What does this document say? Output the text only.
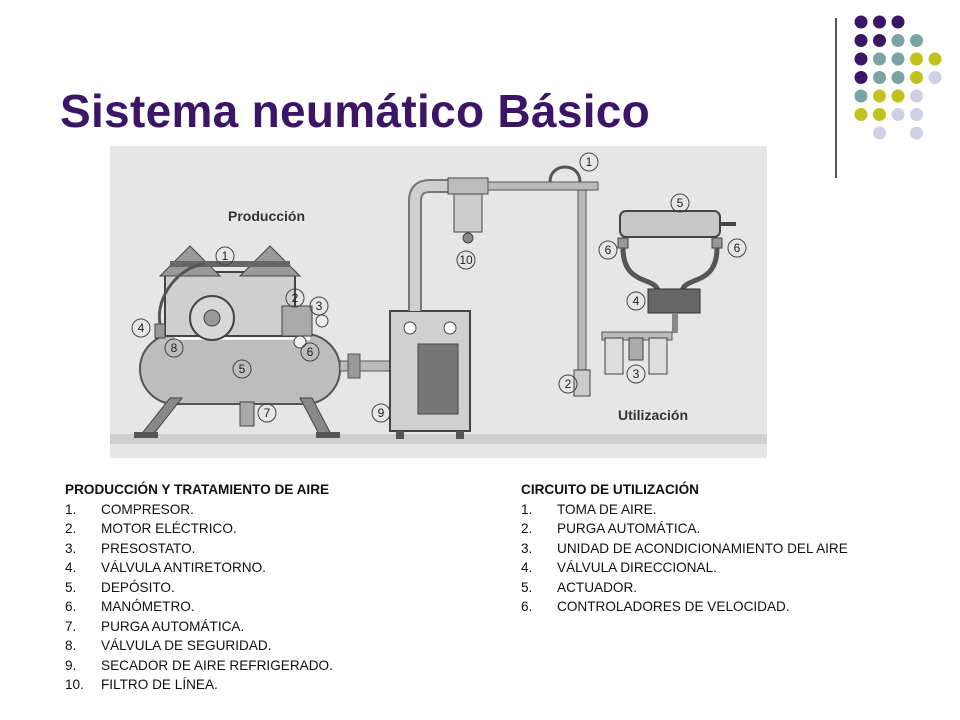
Sistema neumático Básico
Producción
Utilización
1
2
3
4
5
6
7
8
9
10
1
2
3
4
5
6	6
PRODUCCIÓN Y TRATAMIENTO DE AIRE
1.	COMPRESOR.
2.	MOTOR ELÉCTRICO.
3.	PRESOSTATO.
4.	VÁLVULA ANTIRETORNO.
5.	DEPÓSITO.
6.	MANÓMETRO.
7.	PURGA AUTOMÁTICA.
8.	VÁLVULA DE SEGURIDAD.
9.	SECADOR DE AIRE REFRIGERADO.
10.	FILTRO DE LÍNEA.
CIRCUITO DE UTILIZACIÓN
1.	TOMA DE AIRE.
2.	PURGA AUTOMÁTICA.
3.	UNIDAD DE ACONDICIONAMIENTO DEL AIRE
4.	VÁLVULA DIRECCIONAL.
5.	ACTUADOR.
6.	CONTROLADORES DE VELOCIDAD.
